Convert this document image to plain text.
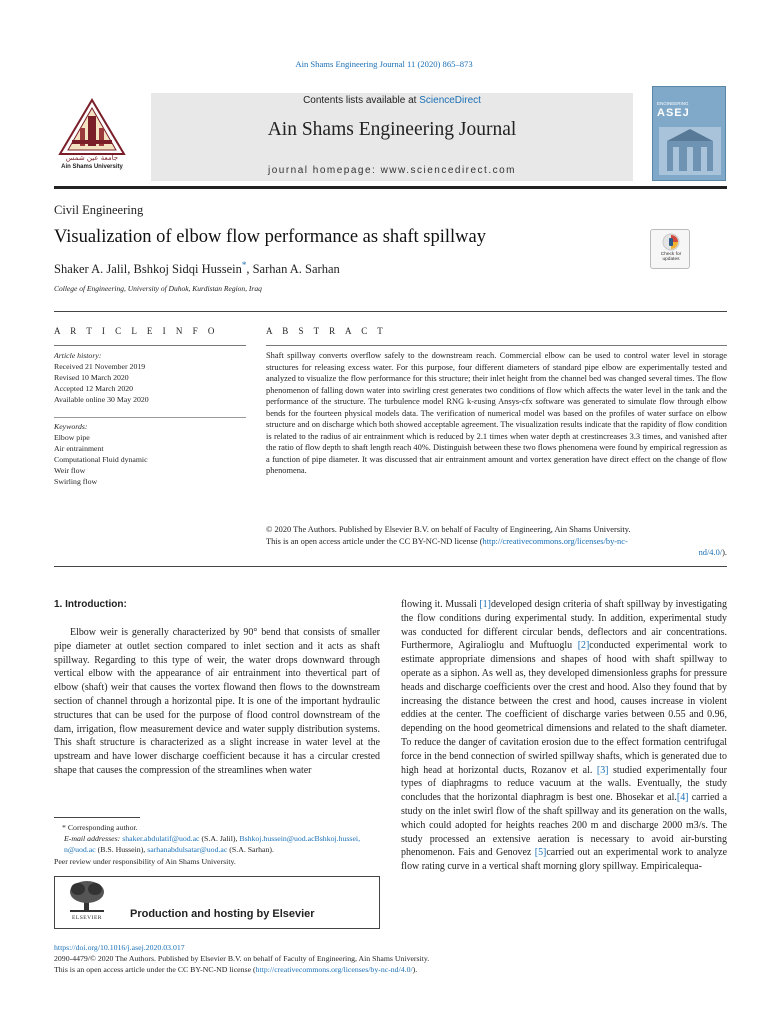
Ain Shams Engineering Journal 11 (2020) 865–873
Contents lists available at ScienceDirect
Ain Shams Engineering Journal
journal homepage: www.sciencedirect.com
جامعة عين شمس
Ain Shams University
ENGINEERING
ASEJ
Civil Engineering
Visualization of elbow flow performance as shaft spillway
Shaker A. Jalil, Bshkoj Sidqi Hussein*, Sarhan A. Sarhan
College of Engineering, University of Duhok, Kurdistan Region, Iraq
Check for updates
A R T I C L E I N F O
Article history:
Received 21 November 2019
Revised 10 March 2020
Accepted 12 March 2020
Available online 30 May 2020
Keywords:
Elbow pipe
Air entrainment
Computational Fluid dynamic
Weir flow
Swirling flow
A B S T R A C T
Shaft spillway converts overflow safely to the downstream reach. Commercial elbow can be used to control water level in storage structures for releasing excess water. For this purpose, four different diameters of standard pipe elbow are experimentally tested and analyzed to visualize the flow performance for this structure; their inlet height from the channel bed was changed several times. The flow phenomenon of falling down water into swirling crest generates two conditions of flow which affects the water level in the tank and the performance of the structure. The turbulence model RNG k-εusing Ansys-cfx software was generated to simulate flow through elbow bends for the fourteen physical models data. The verification of numerical model was based on the profiles of water surface on elbow structure and on discharge which both showed acceptable agreement. The visualization results indicate that the rapidity of flow condition is related to the radius of air entrainment which is reduced by 2.1 times when water depth at crestincreases 3.3 times, and vanished after the ratio of flow depth to shaft length reach 40%. Distinguish between these two flows phenomena were found by empirical regression as a function of pipe diameter. It was discussed that air entrainment amount and vortex generation have direct effect on the change of flow phenomena.
© 2020 The Authors. Published by Elsevier B.V. on behalf of Faculty of Engineering, Ain Shams University.
This is an open access article under the CC BY-NC-ND license (http://creativecommons.org/licenses/by-nc-
nd/4.0/).
1. Introduction:
Elbow weir is generally characterized by 90° bend that consists of smaller pipe diameter at outlet section compared to inlet section and it acts as shaft spillway. Regarding to this type of weir, the water drops downward through vertical elbow with the appearance of air entrainment into thevertical part of elbow (shaft) weir that causes the vortex flowand then flows to the downstream section of channel through a horizontal pipe. It is one of the important hydraulic structures that can be used for the purpose of flood control downstream of the dam, irrigation, flow measurement device and water supply distribution systems. This shaft structure is characterized as a slight increase in water level at the upstream and have lower discharge coefficient because it has a circular crested shape that causes the compression of the streamlines when water
flowing it. Mussali [1]developed design criteria of shaft spillway by investigating the flow conditions during experimental study. In addition, experimental study was conducted for different circular bends, deflectors and air concentrations. Furthermore, Agiralioglu and Muftuoglu [2]conducted experimental work to estimate appropriate dimensions and shapes of hood with shaft spillway to operate as a siphon. As well as, they developed dimensionless graphs for pressure heads and discharge coefficients over the crest and hood. Also they found that by increasing the distance between the crest and hood, causes increase in violent eddies at the center. The coefficient of discharge varies between 0.55 and 0.96, depending on the hood geometrical dimensions and related to the shaft diameter. To reduce the danger of cavitation erosion due to the effect formation centrifugal force in the bend connection of swirled spillway shafts, which is generated due to high head at horizontal ducts, Rozanov et al. [3] studied experimentally four types of diaphragms to reduce vacuum at the walls. Eventually, the study concludes that the horizontal diaphragm is best one. Bhosekar et al.[4] carried a study on the inlet swirl flow of the shaft spillway and its generation on the walls, which could adopted for heights reaches 200 m and discharge 2000 m3/s. The study processed an extensive aeration is necessary to avoid air-bursting phenomenon. Fais and Genovez [5]carried out an experimental work to analyze flow rating curve in a vertical shaft morning glory spillway. Empiricalequa-
* Corresponding author.
E-mail addresses: shaker.abdulatif@uod.ac (S.A. Jalil), Bshkoj.hussein@uod.acBshkoj.hussei, n@uod.ac (B.S. Hussein), sarhanabdulsatar@uod.ac (S.A. Sarhan).
Peer review under responsibility of Ain Shams University.
ELSEVIER	Production and hosting by Elsevier
https://doi.org/10.1016/j.asej.2020.03.017
2090-4479/© 2020 The Authors. Published by Elsevier B.V. on behalf of Faculty of Engineering, Ain Shams University.
This is an open access article under the CC BY-NC-ND license (http://creativecommons.org/licenses/by-nc-nd/4.0/).
